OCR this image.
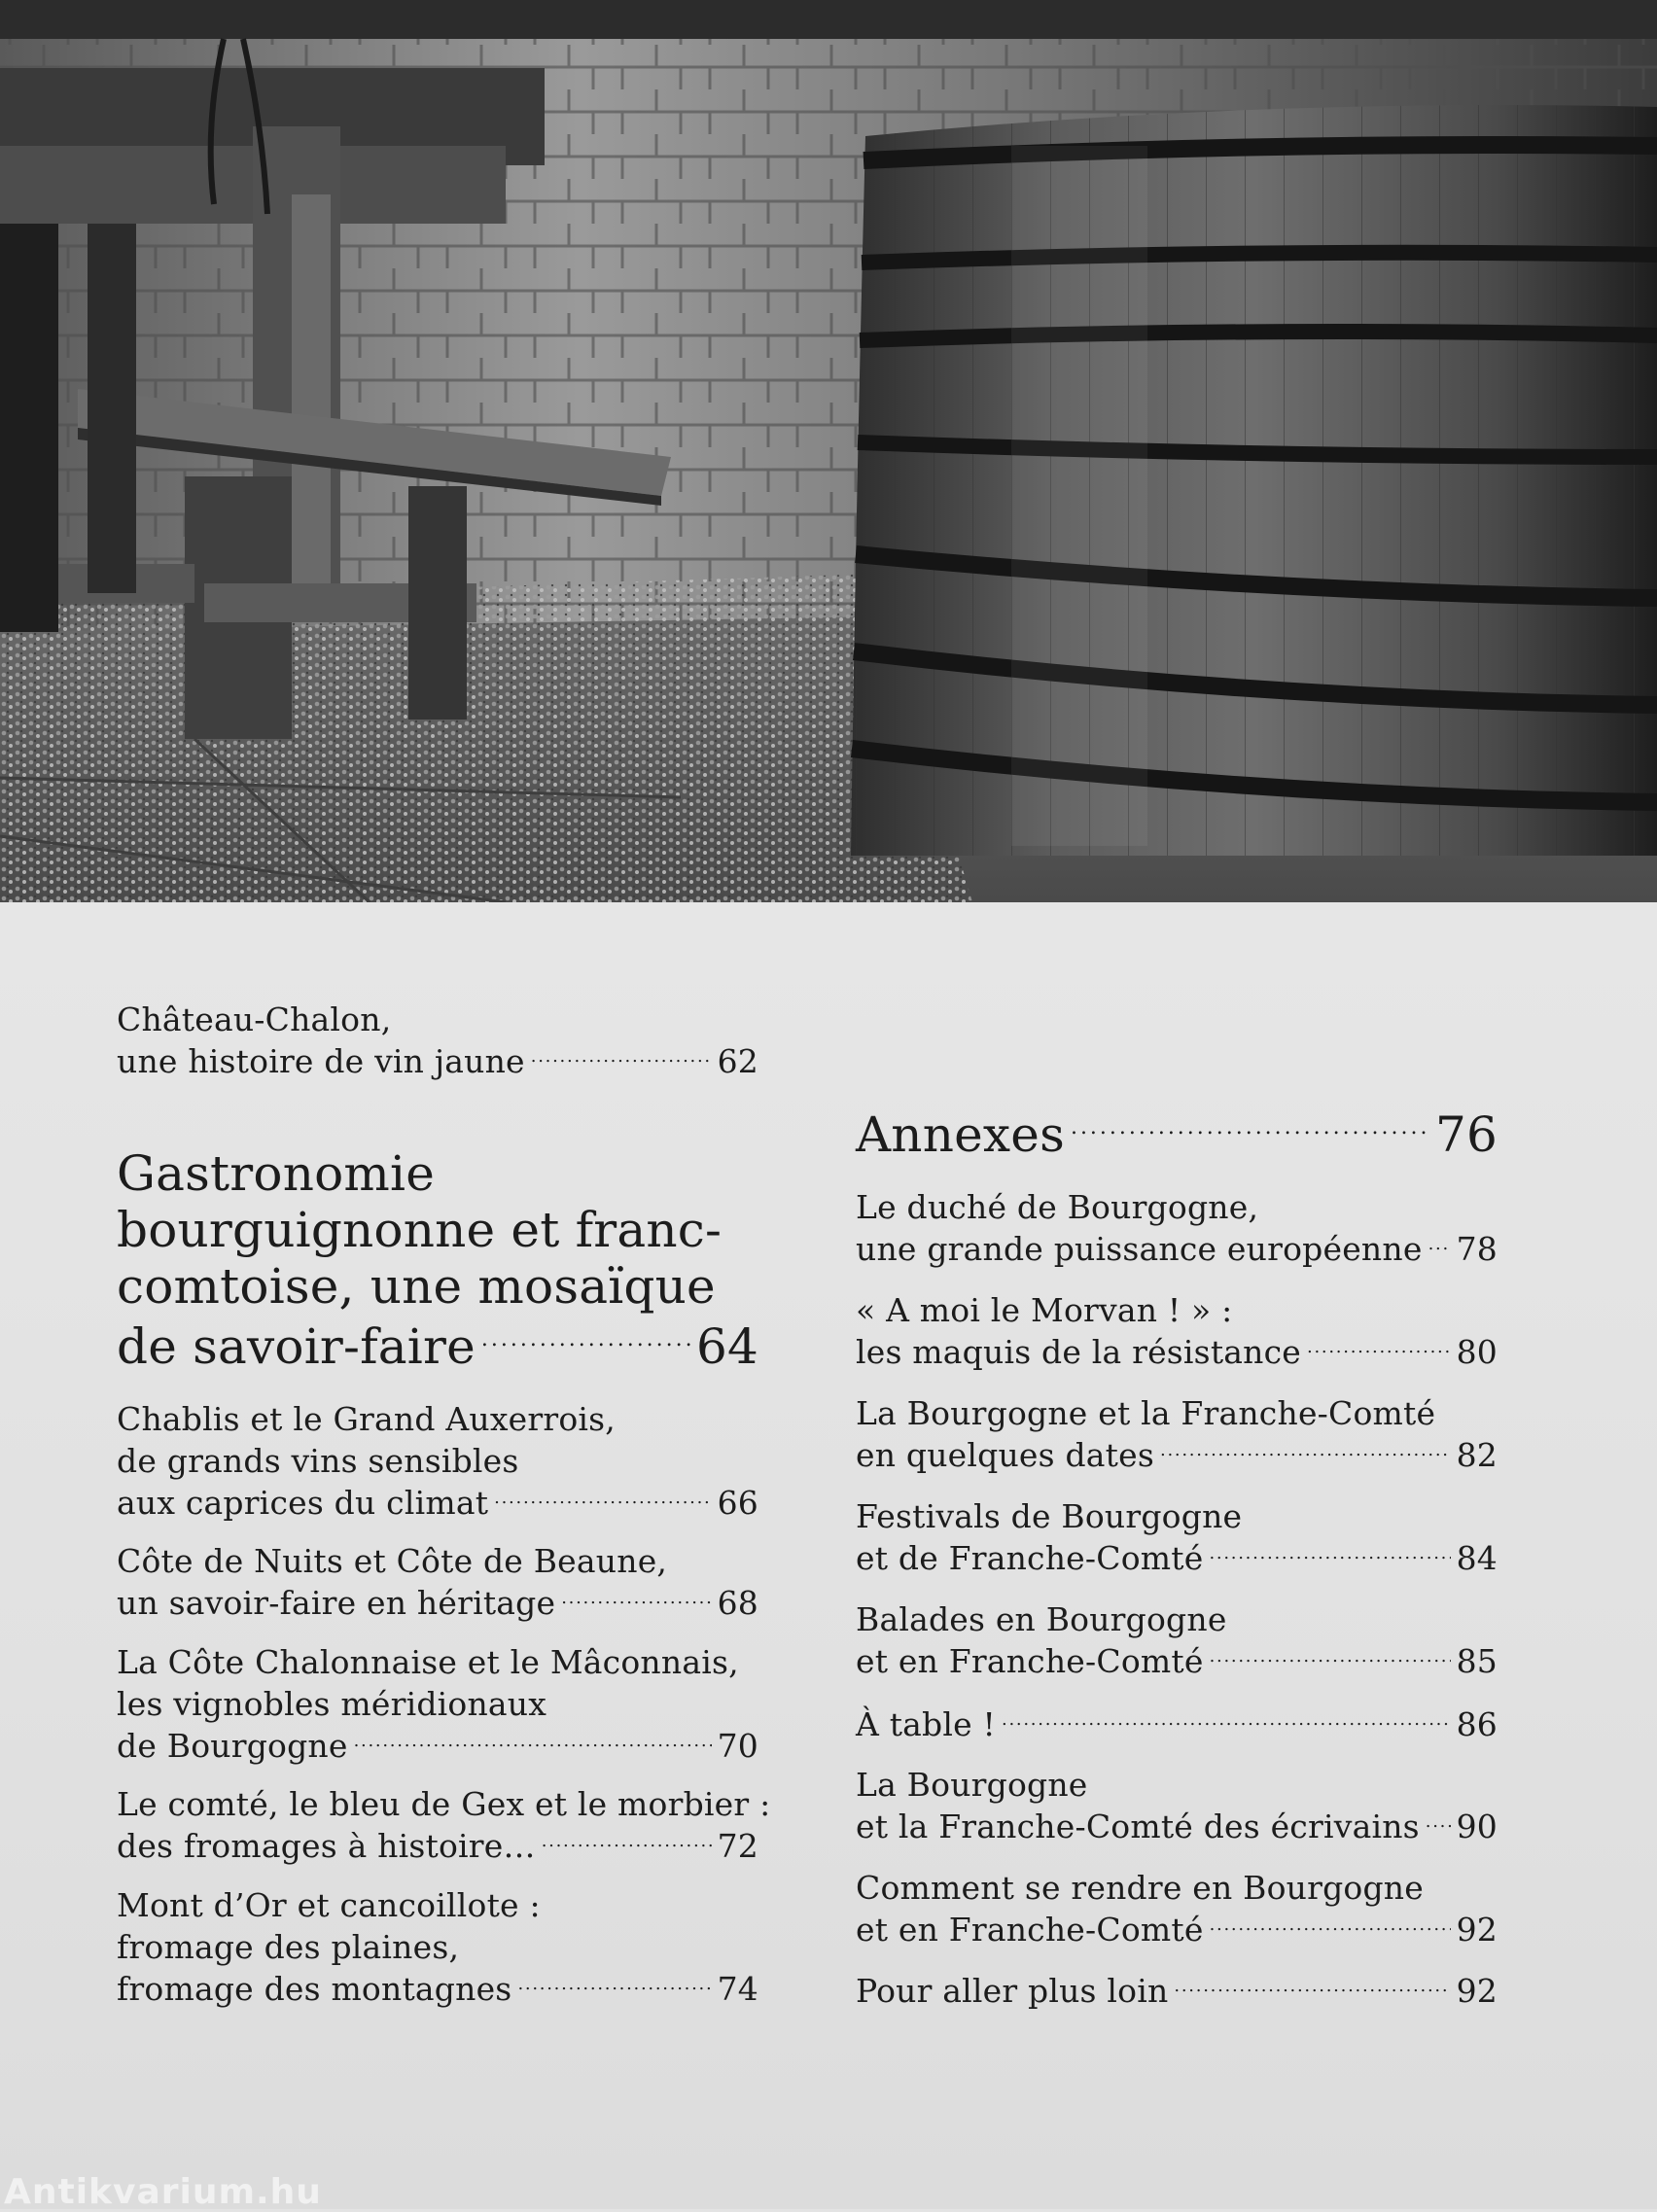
Château-Chalon,
une histoire de vin jaune . . .	62
Gastronomie
bourguignonne et franc-
comtoise, une mosaïque
de savoir-faire . . .	64
Chablis et le Grand Auxerrois,
de grands vins sensibles
aux caprices du climat . . .	66
Côte de Nuits et Côte de Beaune,
un savoir-faire en héritage . . .	68
La Côte Chalonnaise et le Mâconnais,
les vignobles méridionaux
de Bourgogne . . .	70
Le comté, le bleu de Gex et le morbier :
des fromages à histoire… . . .	72
Mont d’Or et cancoillote :
fromage des plaines,
fromage des montagnes . . .	74
Annexes . . .	76
Le duché de Bourgogne,
une grande puissance européenne . . . 78
« A moi le Morvan ! » :
les maquis de la résistance . . .	80
La Bourgogne et la Franche-Comté
en quelques dates . . .	82
Festivals de Bourgogne
et de Franche-Comté . . .	84
Balades en Bourgogne
et en Franche-Comté . . .	85
À table ! . . .	86
La Bourgogne
et la Franche-Comté des écrivains . . . 90
Comment se rendre en Bourgogne
et en Franche-Comté . . .	92
Pour aller plus loin . . .	92
Antikvarium.hu
